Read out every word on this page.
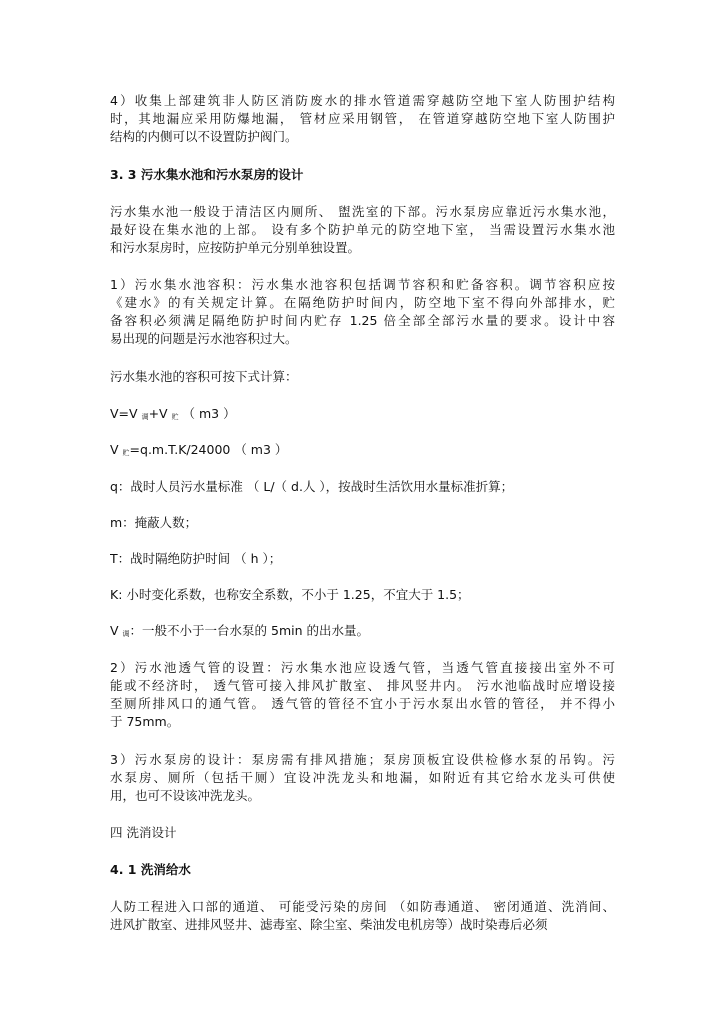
4）收集上部建筑非人防区消防废水的排水管道需穿越防空地下室人防围护结构
时，其地漏应采用防爆地漏， 管材应采用钢管， 在管道穿越防空地下室人防围护
结构的内侧可以不设置防护阀门。
3. 3 污水集水池和污水泵房的设计
污水集水池一般设于清洁区内厕所、 盥洗室的下部。污水泵房应靠近污水集水池，
最好设在集水池的上部。 设有多个防护单元的防空地下室， 当需设置污水集水池
和污水泵房时，应按防护单元分别单独设置。
1）污水集水池容积：污水集水池容积包括调节容积和贮备容积。调节容积应按
《建水》的有关规定计算。在隔绝防护时间内，防空地下室不得向外部排水，贮
备容积必须满足隔绝防护时间内贮存 1.25 倍全部全部污水量的要求。设计中容
易出现的问题是污水池容积过大。
污水集水池的容积可按下式计算：
V=V $_调$+V $_贮$ （ m3 ）
V $_贮$=q.m.T.K/24000 （ m3 ）
q：战时人员污水量标准 （ L/（ d.人 ），按战时生活饮用水量标准折算；
m：掩蔽人数；
T：战时隔绝防护时间 （ h ）；
K: 小时变化系数，也称安全系数，不小于 1.25，不宜大于 1.5；
V $_调$：一般不小于一台水泵的 5min 的出水量。
2）污水池透气管的设置：污水集水池应设透气管，当透气管直接接出室外不可
能或不经济时， 透气管可接入排风扩散室、 排风竖井内。 污水池临战时应增设接
至厕所排风口的通气管。 透气管的管径不宜小于污水泵出水管的管径， 并不得小
于 75mm。
3）污水泵房的设计：泵房需有排风措施；泵房顶板宜设供检修水泵的吊钩。污
水泵房、厕所（包括干厕）宜设冲洗龙头和地漏，如附近有其它给水龙头可供使
用，也可不设该冲洗龙头。
四 洗消设计
4. 1 洗消给水
人防工程进入口部的通道、 可能受污染的房间 （如防毒通道、 密闭通道、洗消间、
进风扩散室、进排风竖井、滤毒室、除尘室、柴油发电机房等）战时染毒后必须
